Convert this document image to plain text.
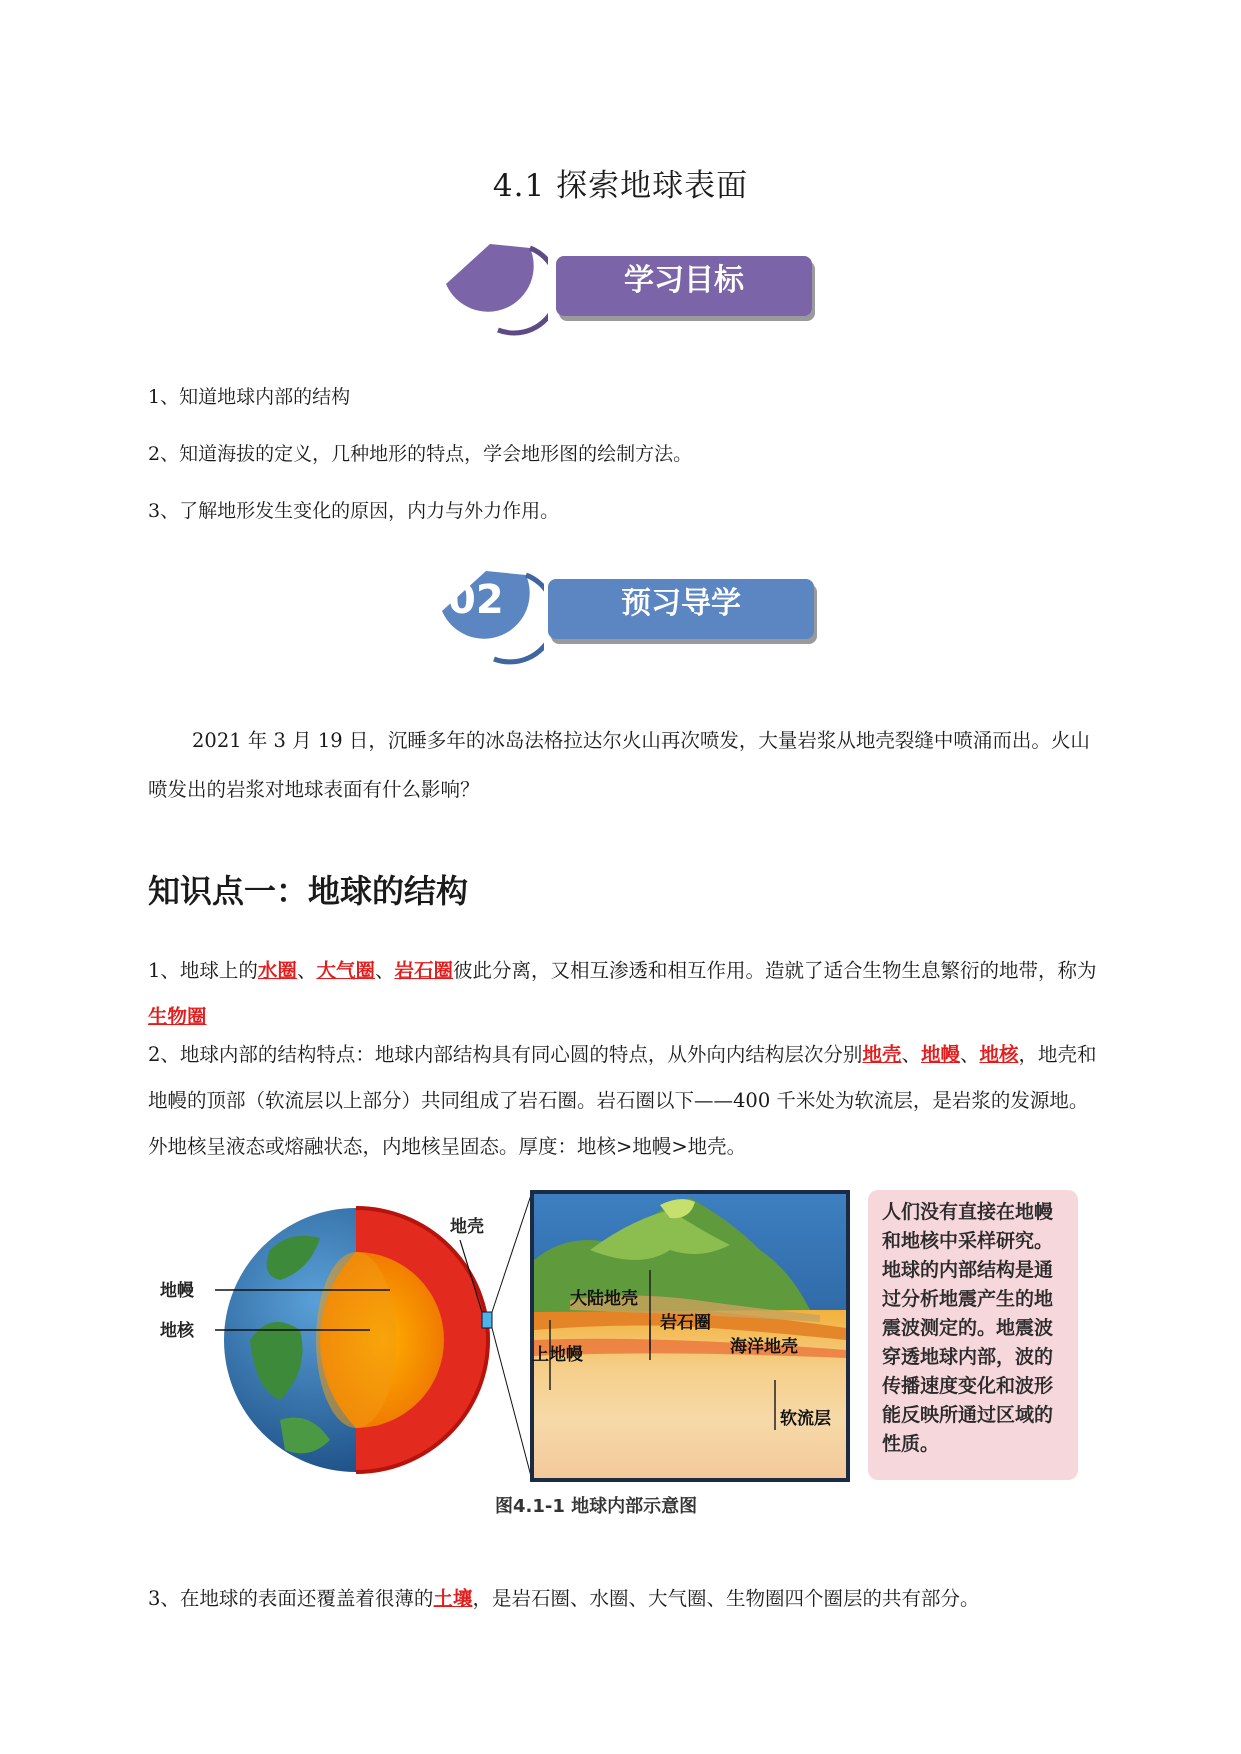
4.1 探索地球表面
学习目标
1、知道地球内部的结构
2、知道海拔的定义，几种地形的特点，学会地形图的绘制方法。
3、了解地形发生变化的原因，内力与外力作用。
02	预习导学
2021 年 3 月 19 日，沉睡多年的冰岛法格拉达尔火山再次喷发，大量岩浆从地壳裂缝中喷涌而出。火山喷发出的岩浆对地球表面有什么影响？
知识点一：地球的结构
1、地球上的水圈、大气圈、岩石圈彼此分离，又相互渗透和相互作用。造就了适合生物生息繁衍的地带，称为生物圈
2、地球内部的结构特点：地球内部结构具有同心圆的特点，从外向内结构层次分别地壳、地幔、地核，地壳和地幔的顶部（软流层以上部分）共同组成了岩石圈。岩石圈以下——400 千米处为软流层，是岩浆的发源地。外地核呈液态或熔融状态，内地核呈固态。厚度：地核>地幔>地壳。
地幔
地核
地壳
大陆地壳
岩石圈
海洋地壳
上地幔
软流层
人们没有直接在地幔和地核中采样研究。地球的内部结构是通过分析地震产生的地震波测定的。地震波穿透地球内部，波的传播速度变化和波形能反映所通过区域的性质。
图4.1-1 地球内部示意图
3、在地球的表面还覆盖着很薄的土壤，是岩石圈、水圈、大气圈、生物圈四个圈层的共有部分。
